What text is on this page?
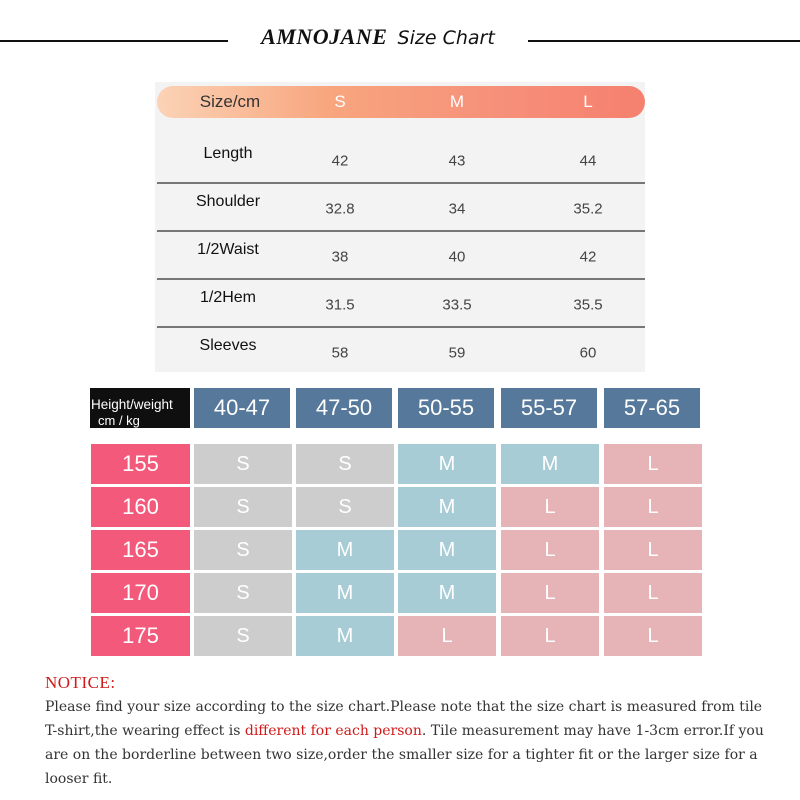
AMNOJANE Size Chart
Size/cm	S	M	L
Length	42	43	44
Shoulder	32.8	34	35.2
1/2Waist	38	40	42
1/2Hem	31.5	33.5	35.5
Sleeves	58	59	60
Height/weight
cm / kg
40-47	47-50	50-55	55-57	57-65
155	S	S	M	M	L
160	S	S	M	L	L
165	S	M	M	L	L
170	S	M	M	L	L
175	S	M	L	L	L
NOTICE:
Please find your size according to the size chart.Please note that the size chart is measured from tile T-shirt,the wearing effect is different for each person. Tile measurement may have 1-3cm error.If you are on the borderline between two size,order the smaller size for a tighter fit or the larger size for a looser fit.
